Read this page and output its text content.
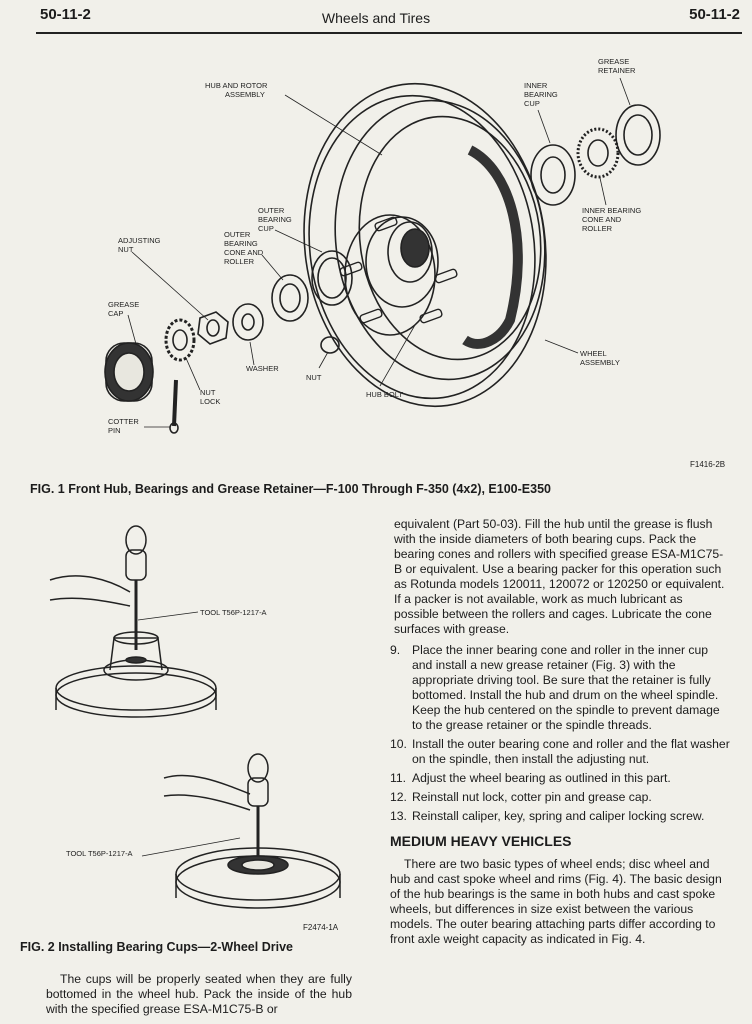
50-11-2	Wheels and Tires	50-11-2
GREASE RETAINER
HUB AND ROTOR ASSEMBLY
INNER BEARING CUP
INNER BEARING CONE AND ROLLER
OUTER BEARING CUP
OUTER BEARING CONE AND ROLLER
ADJUSTING NUT
GREASE CAP
WASHER
NUT
NUT LOCK
HUB BOLT
WHEEL ASSEMBLY
COTTER PIN
F1416-2B
FIG. 1 Front Hub, Bearings and Grease Retainer—F-100 Through F-350 (4x2), E100-E350
TOOL T56P-1217-A
TOOL T56P-1217-A
F2474-1A
FIG. 2 Installing Bearing Cups—2-Wheel Drive

The cups will be properly seated when they are fully bottomed in the wheel hub. Pack the inside of the hub with the specified grease ESA-M1C75-B or

equivalent (Part 50-03). Fill the hub until the grease is flush with the inside diameters of both bearing cups. Pack the bearing cones and rollers with specified grease ESA-M1C75-B or equivalent. Use a bearing packer for this operation such as Rotunda models 120011, 120072 or 120250 or equivalent. If a packer is not available, work as much lubricant as possible between the rollers and cages. Lubricate the cone surfaces with grease.

9. Place the inner bearing cone and roller in the inner cup and install a new grease retainer (Fig. 3) with the appropriate driving tool. Be sure that the retainer is fully bottomed. Install the hub and drum on the wheel spindle. Keep the hub centered on the spindle to prevent damage to the grease retainer or the spindle threads.
10. Install the outer bearing cone and roller and the flat washer on the spindle, then install the adjusting nut.
11. Adjust the wheel bearing as outlined in this part.
12. Reinstall nut lock, cotter pin and grease cap.
13. Reinstall caliper, key, spring and caliper locking screw.
MEDIUM HEAVY VEHICLES

There are two basic types of wheel ends; disc wheel and hub and cast spoke wheel and rims (Fig. 4). The basic design of the hub bearings is the same in both hubs and cast spoke wheels, but differences in size exist between the various models. The outer bearing attaching parts differ according to front axle weight capacity as indicated in Fig. 4.
